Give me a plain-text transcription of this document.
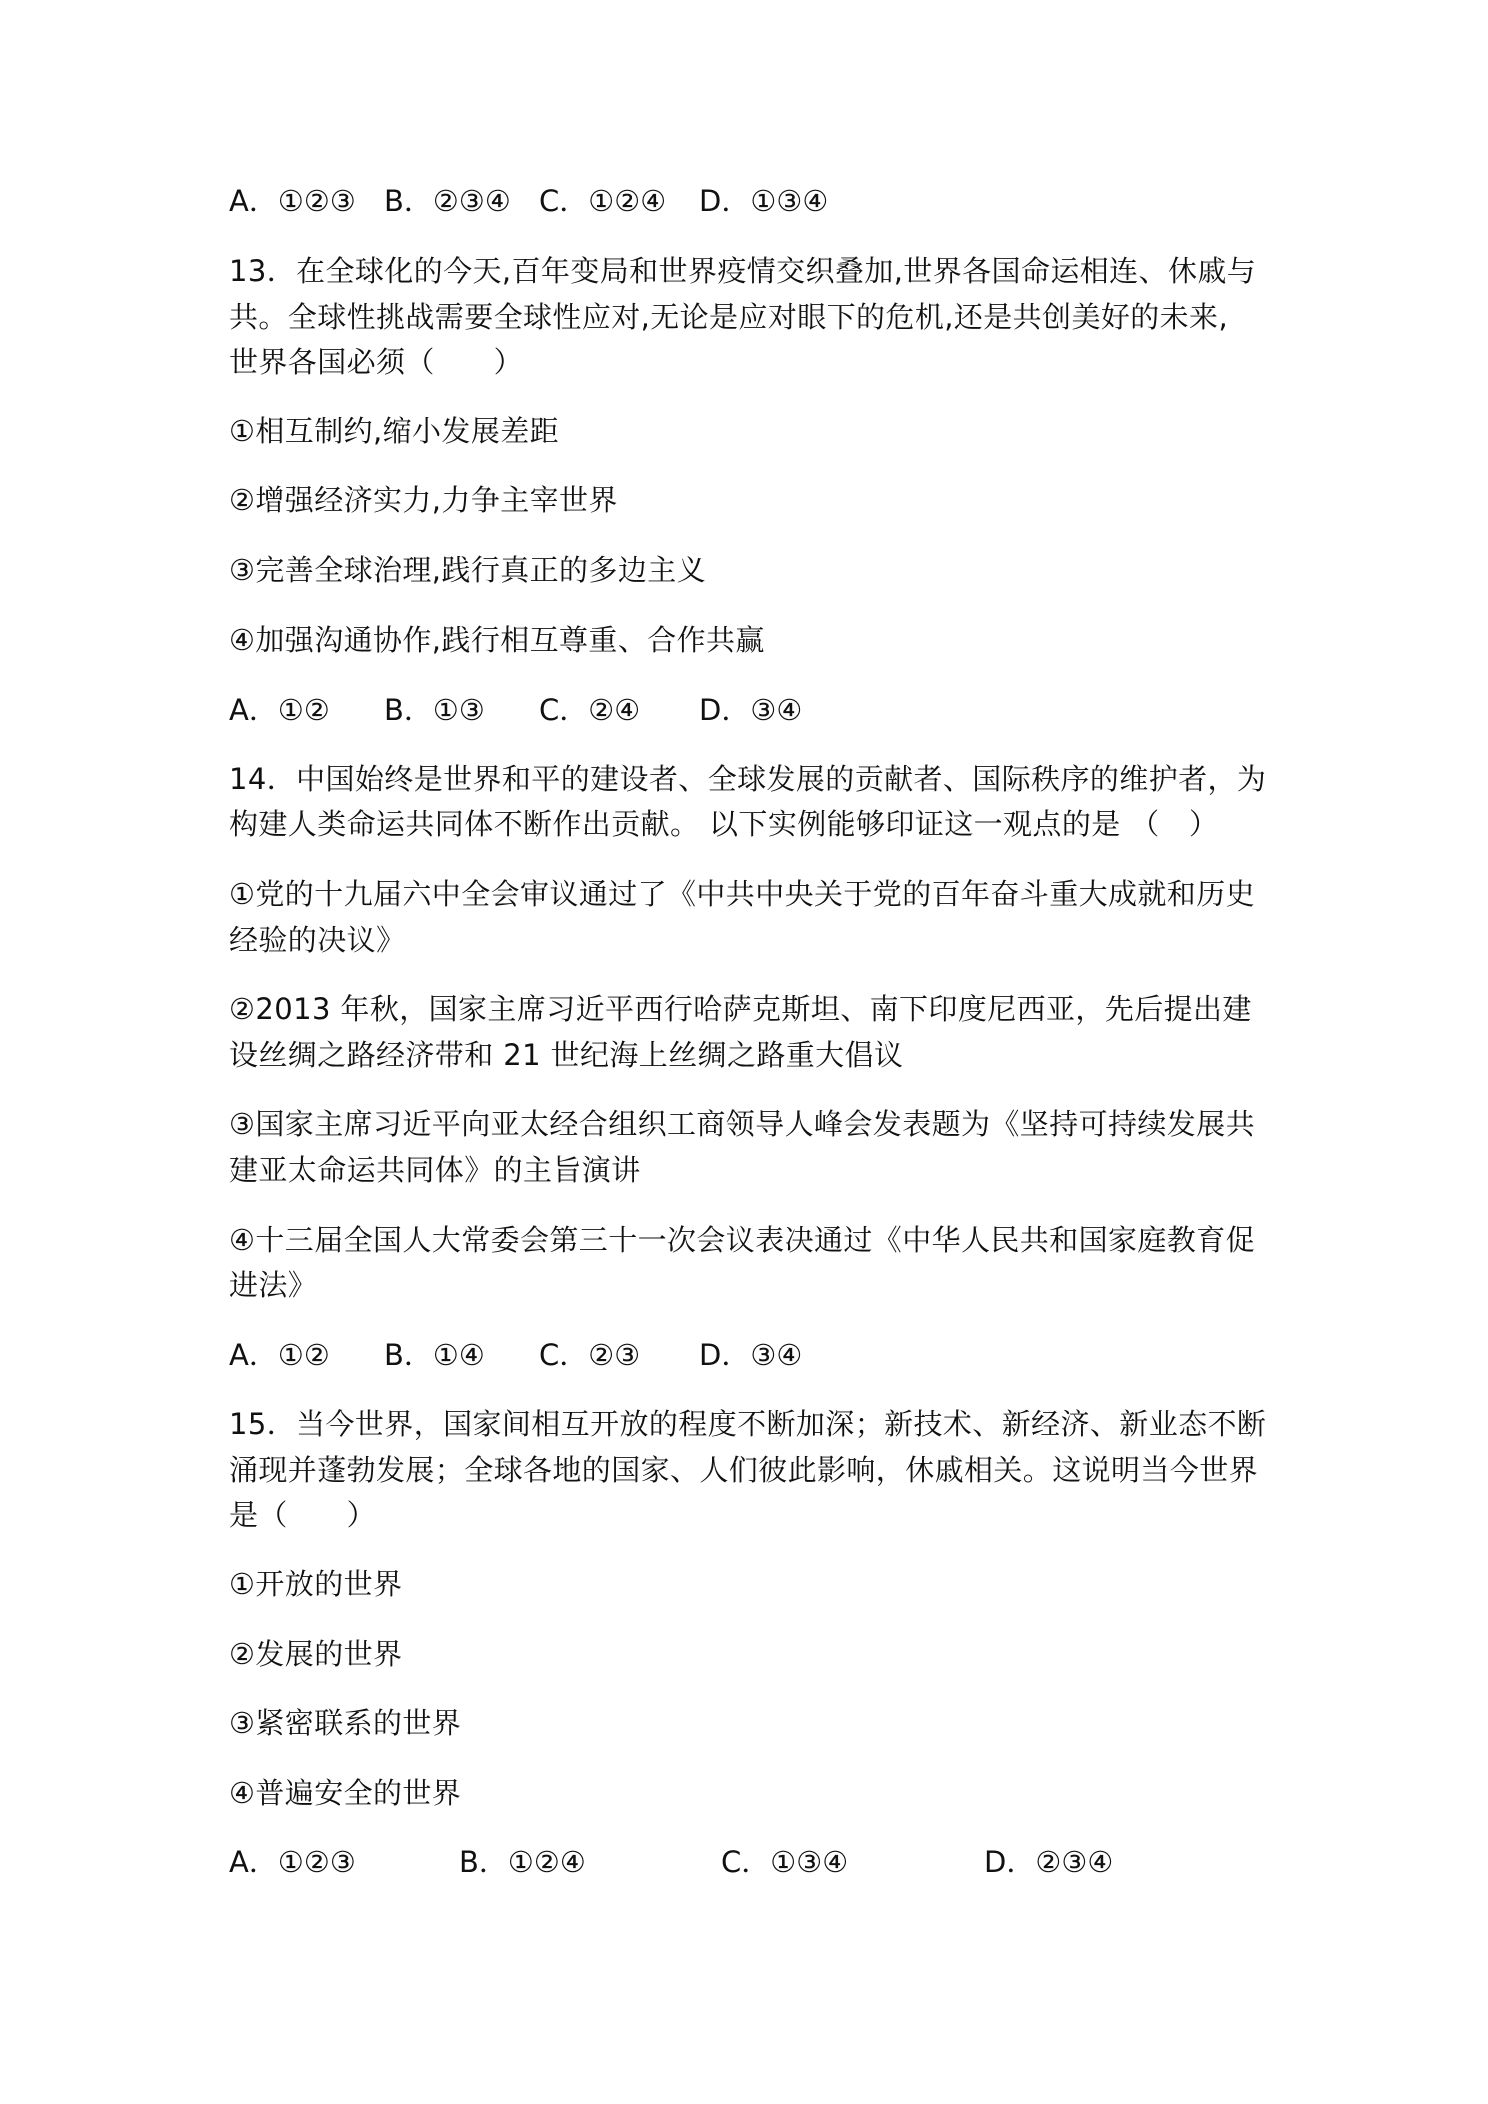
A．①②③ B．②③④ C．①②④ D．①③④
13．在全球化的今天,百年变局和世界疫情交织叠加,世界各国命运相连、休戚与
共。全球性挑战需要全球性应对,无论是应对眼下的危机,还是共创美好的未来,
世界各国必须（　　）
①相互制约,缩小发展差距
②增强经济实力,力争主宰世界
③完善全球治理,践行真正的多边主义
④加强沟通协作,践行相互尊重、合作共赢
A．①② B．①③ C．②④ D．③④
14．中国始终是世界和平的建设者、全球发展的贡献者、国际秩序的维护者，为
构建人类命运共同体不断作出贡献。 以下实例能够印证这一观点的是 （　）
①党的十九届六中全会审议通过了《中共中央关于党的百年奋斗重大成就和历史
经验的决议》
②2013 年秋，国家主席习近平西行哈萨克斯坦、南下印度尼西亚，先后提出建
设丝绸之路经济带和 21 世纪海上丝绸之路重大倡议
③国家主席习近平向亚太经合组织工商领导人峰会发表题为《坚持可持续发展共
建亚太命运共同体》的主旨演讲
④十三届全国人大常委会第三十一次会议表决通过《中华人民共和国家庭教育促
进法》
A．①② B．①④ C．②③ D．③④
15．当今世界，国家间相互开放的程度不断加深；新技术、新经济、新业态不断
涌现并蓬勃发展；全球各地的国家、人们彼此影响，休戚相关。这说明当今世界
是（　　）
①开放的世界
②发展的世界
③紧密联系的世界
④普遍安全的世界
A．①②③	B．①②④	C．①③④	D．②③④
